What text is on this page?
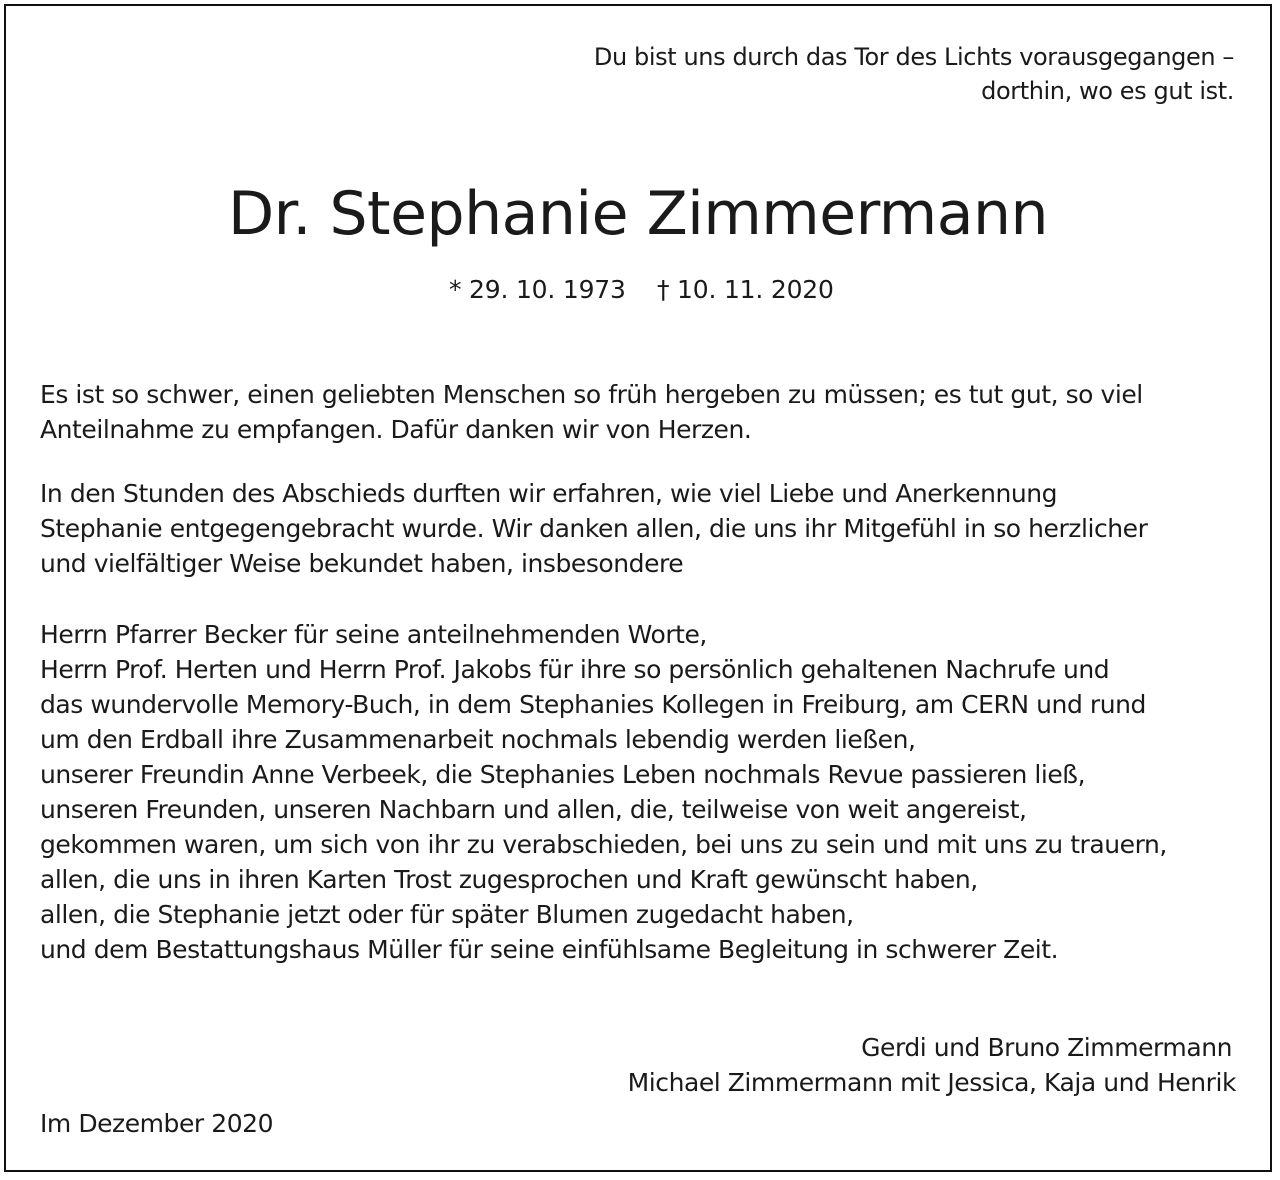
Du bist uns durch das Tor des Lichts vorausgegangen –
dorthin, wo es gut ist.
Dr. Stephanie Zimmermann
* 29. 10. 1973 † 10. 11. 2020
Es ist so schwer, einen geliebten Menschen so früh hergeben zu müssen; es tut gut, so viel
Anteilnahme zu empfangen. Dafür danken wir von Herzen.
In den Stunden des Abschieds durften wir erfahren, wie viel Liebe und Anerkennung
Stephanie entgegengebracht wurde. Wir danken allen, die uns ihr Mitgefühl in so herzlicher
und vielfältiger Weise bekundet haben, insbesondere
Herrn Pfarrer Becker für seine anteilnehmenden Worte,
Herrn Prof. Herten und Herrn Prof. Jakobs für ihre so persönlich gehaltenen Nachrufe und
das wundervolle Memory-Buch, in dem Stephanies Kollegen in Freiburg, am CERN und rund
um den Erdball ihre Zusammenarbeit nochmals lebendig werden ließen,
unserer Freundin Anne Verbeek, die Stephanies Leben nochmals Revue passieren ließ,
unseren Freunden, unseren Nachbarn und allen, die, teilweise von weit angereist,
gekommen waren, um sich von ihr zu verabschieden, bei uns zu sein und mit uns zu trauern,
allen, die uns in ihren Karten Trost zugesprochen und Kraft gewünscht haben,
allen, die Stephanie jetzt oder für später Blumen zugedacht haben,
und dem Bestattungshaus Müller für seine einfühlsame Begleitung in schwerer Zeit.
Gerdi und Bruno Zimmermann
Michael Zimmermann mit Jessica, Kaja und Henrik
Im Dezember 2020
